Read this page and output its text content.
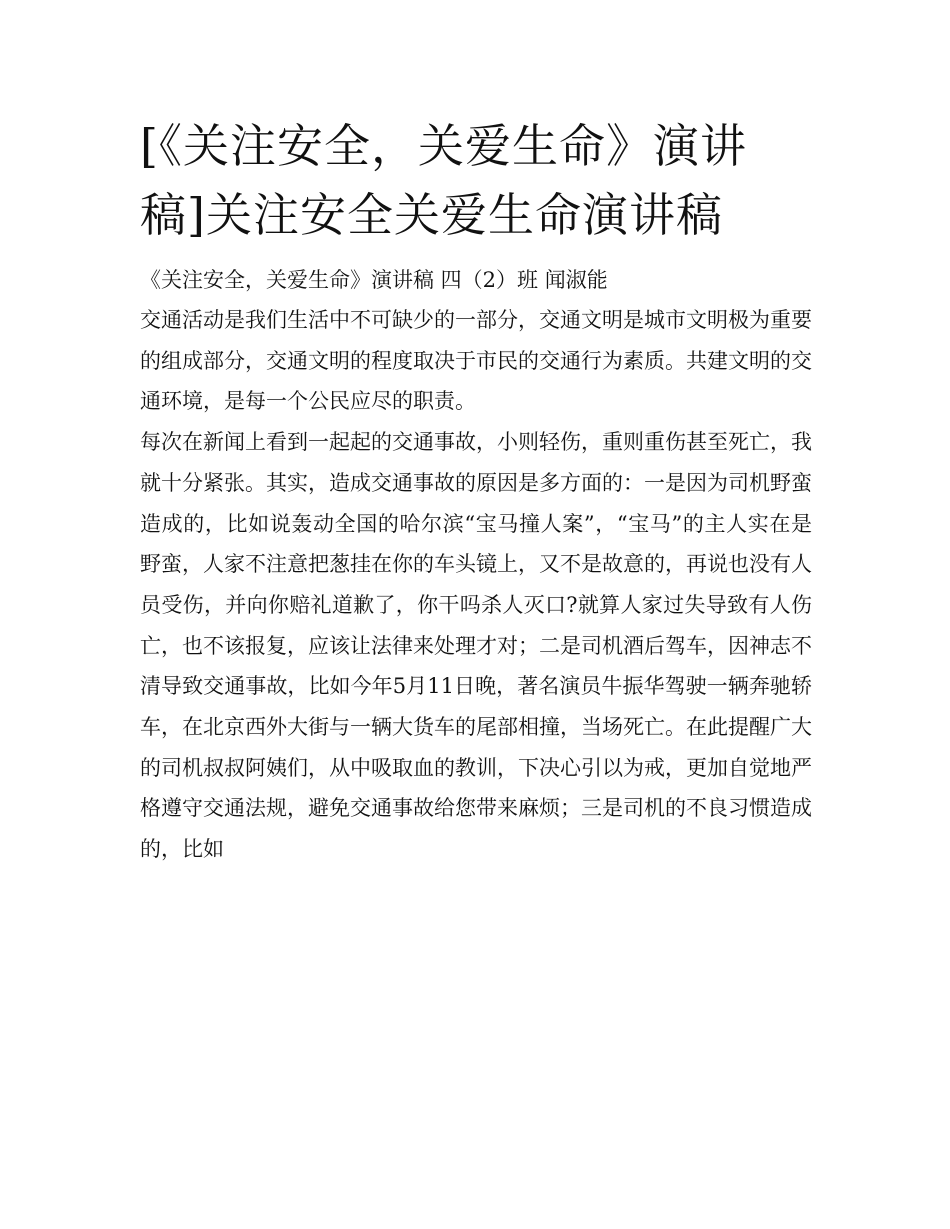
[《关注安全，关爱生命》演讲稿]关注安全关爱生命演讲稿
《关注安全，关爱生命》演讲稿 四（2）班 闻淑能

交通活动是我们生活中不可缺少的一部分，交通文明是城市文明极为重要的组成部分，交通文明的程度取决于市民的交通行为素质。共建文明的交通环境，是每一个公民应尽的职责。

每次在新闻上看到一起起的交通事故，小则轻伤，重则重伤甚至死亡，我就十分紧张。其实，造成交通事故的原因是多方面的：一是因为司机野蛮造成的，比如说轰动全国的哈尔滨“宝马撞人案”，“宝马”的主人实在是野蛮，人家不注意把葱挂在你的车头镜上，又不是故意的，再说也没有人员受伤，并向你赔礼道歉了，你干吗杀人灭口?就算人家过失导致有人伤亡，也不该报复，应该让法律来处理才对；二是司机酒后驾车，因神志不清导致交通事故，比如今年5月11日晚，著名演员牛振华驾驶一辆奔驰轿车，在北京西外大街与一辆大货车的尾部相撞，当场死亡。在此提醒广大的司机叔叔阿姨们，从中吸取血的教训，下决心引以为戒，更加自觉地严格遵守交通法规，避免交通事故给您带来麻烦；三是司机的不良习惯造成的，比如
